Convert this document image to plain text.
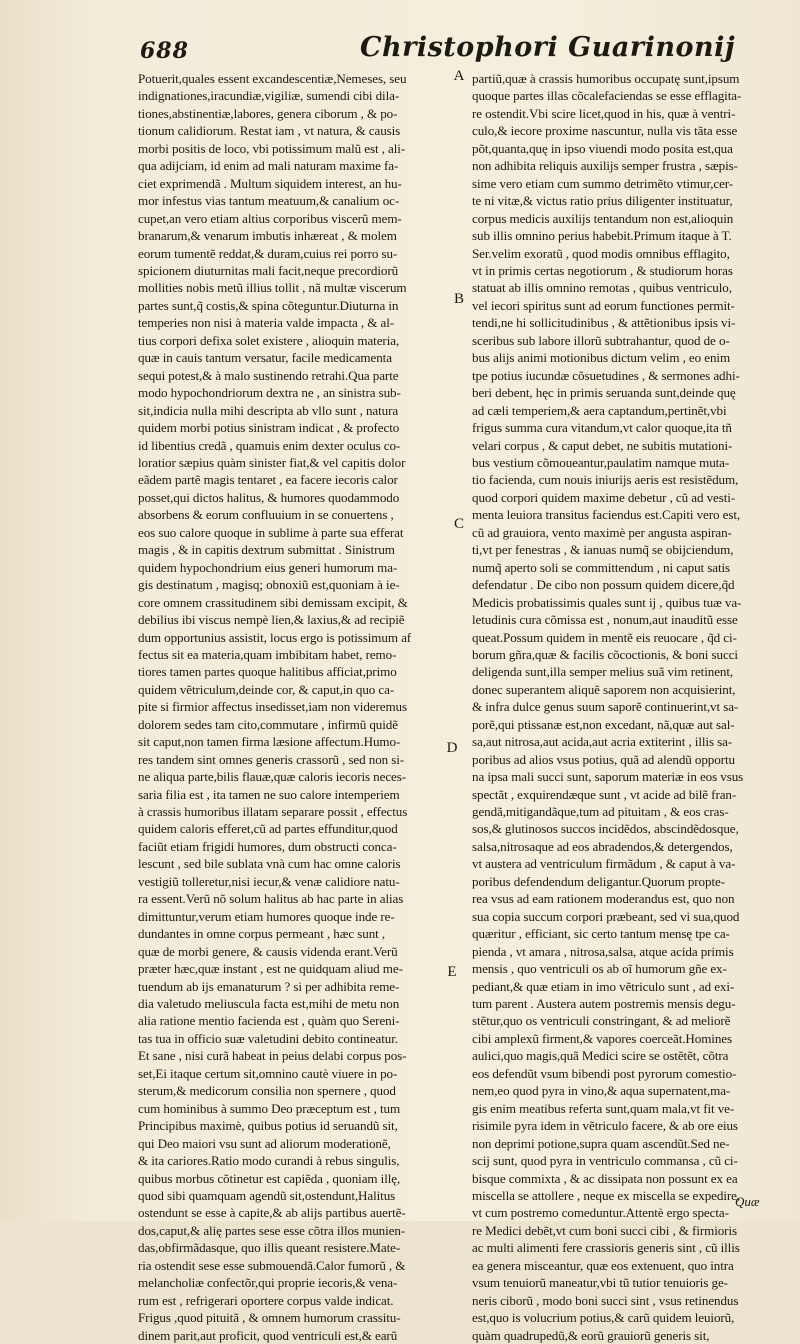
688	Christophori Guarinonij
Potuerit,quales essent excandescentiæ,Nemeses, seu
indignationes,iracundiæ,vigiliæ, sumendi cibi dila-
tiones,abstinentiæ,labores, genera ciborum , & po-
tionum calidiorum. Restat iam , vt natura, & causis
morbi positis de loco, vbi potissimum malũ est , ali-
qua adijciam, id enim ad mali naturam maxime fa-
ciet exprimendã . Multum siquidem interest, an hu-
mor infestus vias tantum meatuum,& canalium oc-
cupet,an vero etiam altius corporibus viscerũ mem-
branarum,& venarum imbutis inhæreat , & molem
eorum tumentẽ reddat,& duram,cuius rei porro su-
spicionem diuturnitas mali facit,neque precordiorũ
mollities nobis metũ illius tollit , nã multæ viscerum
partes sunt,q̃ costis,& spina cõteguntur.Diuturna in
temperies non nisi à materia valde impacta , & al-
tius corpori defixa solet existere , alioquin materia,
quæ in cauis tantum versatur, facile medicamenta
sequi potest,& à malo sustinendo retrahi.Qua parte
modo hypochondriorum dextra ne , an sinistra sub-
sit,indicia nulla mihi descripta ab vllo sunt , natura
quidem morbi potius sinistram indicat , & profecto
id libentius credã , quamuis enim dexter oculus co-
loratior sæpius quàm sinister fiat,& vel capitis dolor
eãdem partẽ magis tentaret , ea facere iecoris calor
posset,qui dictos halitus, & humores quodammodo
absorbens & eorum confluuium in se conuertens ,
eos suo calore quoque in sublime à parte sua efferat
magis , & in capitis dextrum submittat . Sinistrum
quidem hypochondrium eius generi humorum ma-
gis destinatum , magisq; obnoxiũ est,quoniam à ie-
core omnem crassitudinem sibi demissam excipit, &
debilius ibi viscus nempè lien,& laxius,& ad recipiẽ
dum opportunius assistit, locus ergo is potissimum af
fectus sit ea materia,quam imbibitam habet, remo-
tiores tamen partes quoque halitibus afficiat,primo
quidem vẽtriculum,deinde cor, & caput,in quo ca-
pite si firmior affectus insedisset,iam non videremus
dolorem sedes tam cito,commutare , infirmũ quidẽ
sit caput,non tamen firma læsione affectum.Humo-
res tandem sint omnes generis crassorũ , sed non si-
ne aliqua parte,bilis flauæ,quæ caloris iecoris neces-
saria filia est , ita tamen ne suo calore intemperiem
à crassis humoribus illatam separare possit , effectus
quidem caloris efferet,cũ ad partes effunditur,quod
faciũt etiam frigidi humores, dum obstructi conca-
lescunt , sed bile sublata vnà cum hac omne caloris
vestigiũ tolleretur,nisi iecur,& venæ calidiore natu-
ra essent.Verũ nõ solum halitus ab hac parte in alias
dimittuntur,verum etiam humores quoque inde re-
dundantes in omne corpus permeant , hæc sunt ,
quæ de morbi genere, & causis videnda erant.Verũ
præter hæc,quæ instant , est ne quidquam aliud me-
tuendum ab ijs emanaturum ? si per adhibita reme-
dia valetudo meliuscula facta est,mihi de metu non
alia ratione mentio facienda est , quàm quo Sereni-
tas tua in officio suæ valetudini debito contineatur.
Et sane , nisi curã habeat in peius delabi corpus pos-
set,Ei itaque certum sit,omnino cautè viuere in po-
sterum,& medicorum consilia non spernere , quod
cum hominibus à summo Deo præceptum est , tum
Principibus maximè, quibus potius id seruandũ sit,
qui Deo maiori vsu sunt ad aliorum moderationẽ,
& ita cariores.Ratio modo curandi à rebus singulis,
quibus morbus cõtinetur est capiẽda , quoniam illę,
quod sibi quamquam agendũ sit,ostendunt,Halitus
ostendunt se esse à capite,& ab alijs partibus auertẽ-
dos,caput,& alię partes sese esse cõtra illos munien-
das,obfirmãdasque, quo illis queant resistere.Mate-
ria ostendit sese esse submouendã.Calor fumorũ , &
melancholiæ confectõr,qui proprie iecoris,& vena-
rum est , refrigerari oportere corpus valde indicat.
Frigus ,quod pituitã , & omnem humorum crassitu-
dinem parit,aut proficit, quod ventriculi est,& earũ
partiũ,quæ à crassis humoribus occupatę sunt,ipsum
quoque partes illas cõcalefaciendas se esse efflagita-
re ostendit.Vbi scire licet,quod in his, quæ à ventri-
culo,& iecore proxime nascuntur, nulla vis tãta esse
põt,quanta,quę in ipso viuendi modo posita est,qua
non adhibita reliquis auxilijs semper frustra , sæpis-
sime vero etiam cum summo detrimẽto vtimur,cer-
te ni vitæ,& victus ratio prius diligenter instituatur,
corpus medicis auxilijs tentandum non est,alioquin
sub illis omnino perius habebit.Primum itaque à T.
Ser.velim exoratũ , quod modis omnibus efflagito,
vt in primis certas negotiorum , & studiorum horas
statuat ab illis omnino remotas , quibus ventriculo,
vel iecori spiritus sunt ad eorum functiones permit-
tendi,ne hi sollicitudinibus , & attẽtionibus ipsis vi-
sceribus sub labore illorũ subtrahantur, quod de o-
bus alijs animi motionibus dictum velim , eo enim
tpe potius iucundæ cõsuetudines , & sermones adhi-
beri debent, hęc in primis seruanda sunt,deinde quę
ad cæli temperiem,& aera captandum,pertinẽt,vbi
frigus summa cura vitandum,vt calor quoque,ita tñ
velari corpus , & caput debet, ne subitis mutationi-
bus vestium cõmoueantur,paulatim namque muta-
tio facienda, cum nouis iniurijs aeris est resistẽdum,
quod corpori quidem maxime debetur , cũ ad vesti-
menta leuiora transitus faciendus est.Capiti vero est,
cũ ad grauiora, vento maximè per angusta aspiran-
ti,vt per fenestras , & ianuas numq̃ se obijciendum,
numq̃ aperto soli se committendum , ni caput satis
defendatur . De cibo non possum quidem dicere,q̃d
Medicis probatissimis quales sunt ij , quibus tuæ va-
letudinis cura cõmissa est , nonum,aut inauditũ esse
queat.Possum quidem in mentẽ eis reuocare , q̃d ci-
borum gñra,quæ & facilis cõcoctionis, & boni succi
deligenda sunt,illa semper melius suã vim retinent,
donec superantem aliquẽ saporem non acquisierint,
& infra dulce genus suum saporẽ continuerint,vt sa-
porẽ,qui ptissanæ est,non excedant, nã,quæ aut sal-
sa,aut nitrosa,aut acida,aut acria extiterint , illis sa-
poribus ad alios vsus potius, quã ad alendũ opportu
na ipsa mali succi sunt, saporum materiæ in eos vsus
spectãt , exquirendæque sunt , vt acide ad bilẽ fran-
gendã,mitigandãque,tum ad pituitam , & eos cras-
sos,& glutinosos succos incidẽdos, abscindẽdosque,
salsa,nitrosaque ad eos abradendos,& detergendos,
vt austera ad ventriculum firmãdum , & caput à va-
poribus defendendum deligantur.Quorum propte-
rea vsus ad eam rationem moderandus est, quo non
sua copia succum corpori præbeant, sed vi sua,quod
quæritur , efficiant, sic certo tantum mensę tpe ca-
pienda , vt amara , nitrosa,salsa, atque acida primis
mensis , quo ventriculi os ab oĩ humorum gñe ex-
pediant,& quæ etiam in imo vẽtriculo sunt , ad exi-
tum parent . Austera autem postremis mensis degu-
stẽtur,quo os ventriculi constringant, & ad meliorẽ
cibi amplexũ firment,& vapores coerceãt.Homines
aulici,quo magis,quã Medici scire se ostẽtẽt, cõtra
eos defendũt vsum bibendi post pyrorum comestio-
nem,eo quod pyra in vino,& aqua supernatent,ma-
gis enim meatibus referta sunt,quam mala,vt fit ve-
risimile pyra idem in vẽtriculo facere, & ab ore eius
non deprimi potione,supra quam ascendũt.Sed ne-
scij sunt, quod pyra in ventriculo commansa , cũ ci-
bisque commixta , & ac dissipata non possunt ex ea
miscella se attollere , neque ex miscella se expedire,
vt cum postremo comeduntur.Attentè ergo specta-
re Medici debẽt,vt cum boni succi cibi , & firmioris
ac multi alimenti fere crassioris generis sint , cũ illis
ea genera misceantur, quæ eos extenuent, quo intra
vsum tenuiorũ maneatur,vbi tũ tutior tenuioris ge-
neris ciborũ , modo boni succi sint , vsus retinendus
est,quo is volucrium potius,& carũ quidem leuiorũ,
quàm quadrupedũ,& eorũ grauiorũ generis sit,
A
B
C
D
E
Quæ
